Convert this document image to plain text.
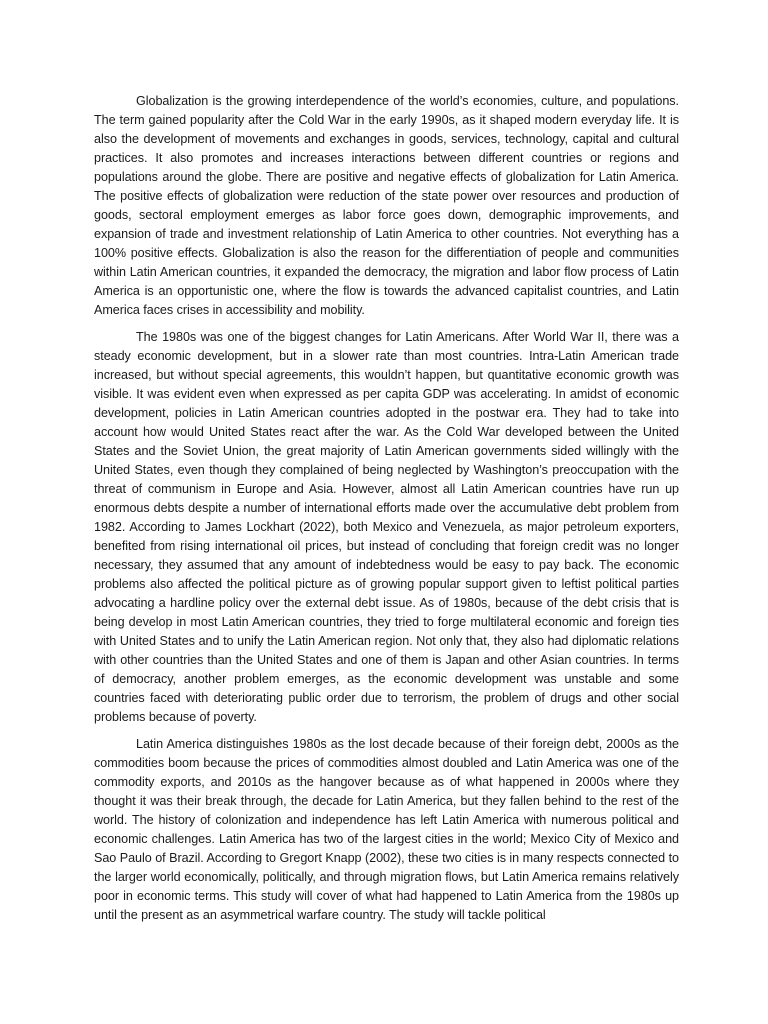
Globalization is the growing interdependence of the world’s economies, culture, and populations. The term gained popularity after the Cold War in the early 1990s, as it shaped modern everyday life. It is also the development of movements and exchanges in goods, services, technology, capital and cultural practices. It also promotes and increases interactions between different countries or regions and populations around the globe. There are positive and negative effects of globalization for Latin America. The positive effects of globalization were reduction of the state power over resources and production of goods, sectoral employment emerges as labor force goes down, demographic improvements, and expansion of trade and investment relationship of Latin America to other countries. Not everything has a 100% positive effects. Globalization is also the reason for the differentiation of people and communities within Latin American countries, it expanded the democracy, the migration and labor flow process of Latin America is an opportunistic one, where the flow is towards the advanced capitalist countries, and Latin America faces crises in accessibility and mobility.

The 1980s was one of the biggest changes for Latin Americans. After World War II, there was a steady economic development, but in a slower rate than most countries. Intra-Latin American trade increased, but without special agreements, this wouldn’t happen, but quantitative economic growth was visible. It was evident even when expressed as per capita GDP was accelerating. In amidst of economic development, policies in Latin American countries adopted in the postwar era. They had to take into account how would United States react after the war. As the Cold War developed between the United States and the Soviet Union, the great majority of Latin American governments sided willingly with the United States, even though they complained of being neglected by Washington’s preoccupation with the threat of communism in Europe and Asia. However, almost all Latin American countries have run up enormous debts despite a number of international efforts made over the accumulative debt problem from 1982. According to James Lockhart (2022), both Mexico and Venezuela, as major petroleum exporters, benefited from rising international oil prices, but instead of concluding that foreign credit was no longer necessary, they assumed that any amount of indebtedness would be easy to pay back. The economic problems also affected the political picture as of growing popular support given to leftist political parties advocating a hardline policy over the external debt issue. As of 1980s, because of the debt crisis that is being develop in most Latin American countries, they tried to forge multilateral economic and foreign ties with United States and to unify the Latin American region. Not only that, they also had diplomatic relations with other countries than the United States and one of them is Japan and other Asian countries. In terms of democracy, another problem emerges, as the economic development was unstable and some countries faced with deteriorating public order due to terrorism, the problem of drugs and other social problems because of poverty.

Latin America distinguishes 1980s as the lost decade because of their foreign debt, 2000s as the commodities boom because the prices of commodities almost doubled and Latin America was one of the commodity exports, and 2010s as the hangover because as of what happened in 2000s where they thought it was their break through, the decade for Latin America, but they fallen behind to the rest of the world. The history of colonization and independence has left Latin America with numerous political and economic challenges. Latin America has two of the largest cities in the world; Mexico City of Mexico and Sao Paulo of Brazil. According to Gregort Knapp (2002), these two cities is in many respects connected to the larger world economically, politically, and through migration flows, but Latin America remains relatively poor in economic terms. This study will cover of what had happened to Latin America from the 1980s up until the present as an asymmetrical warfare country. The study will tackle political
